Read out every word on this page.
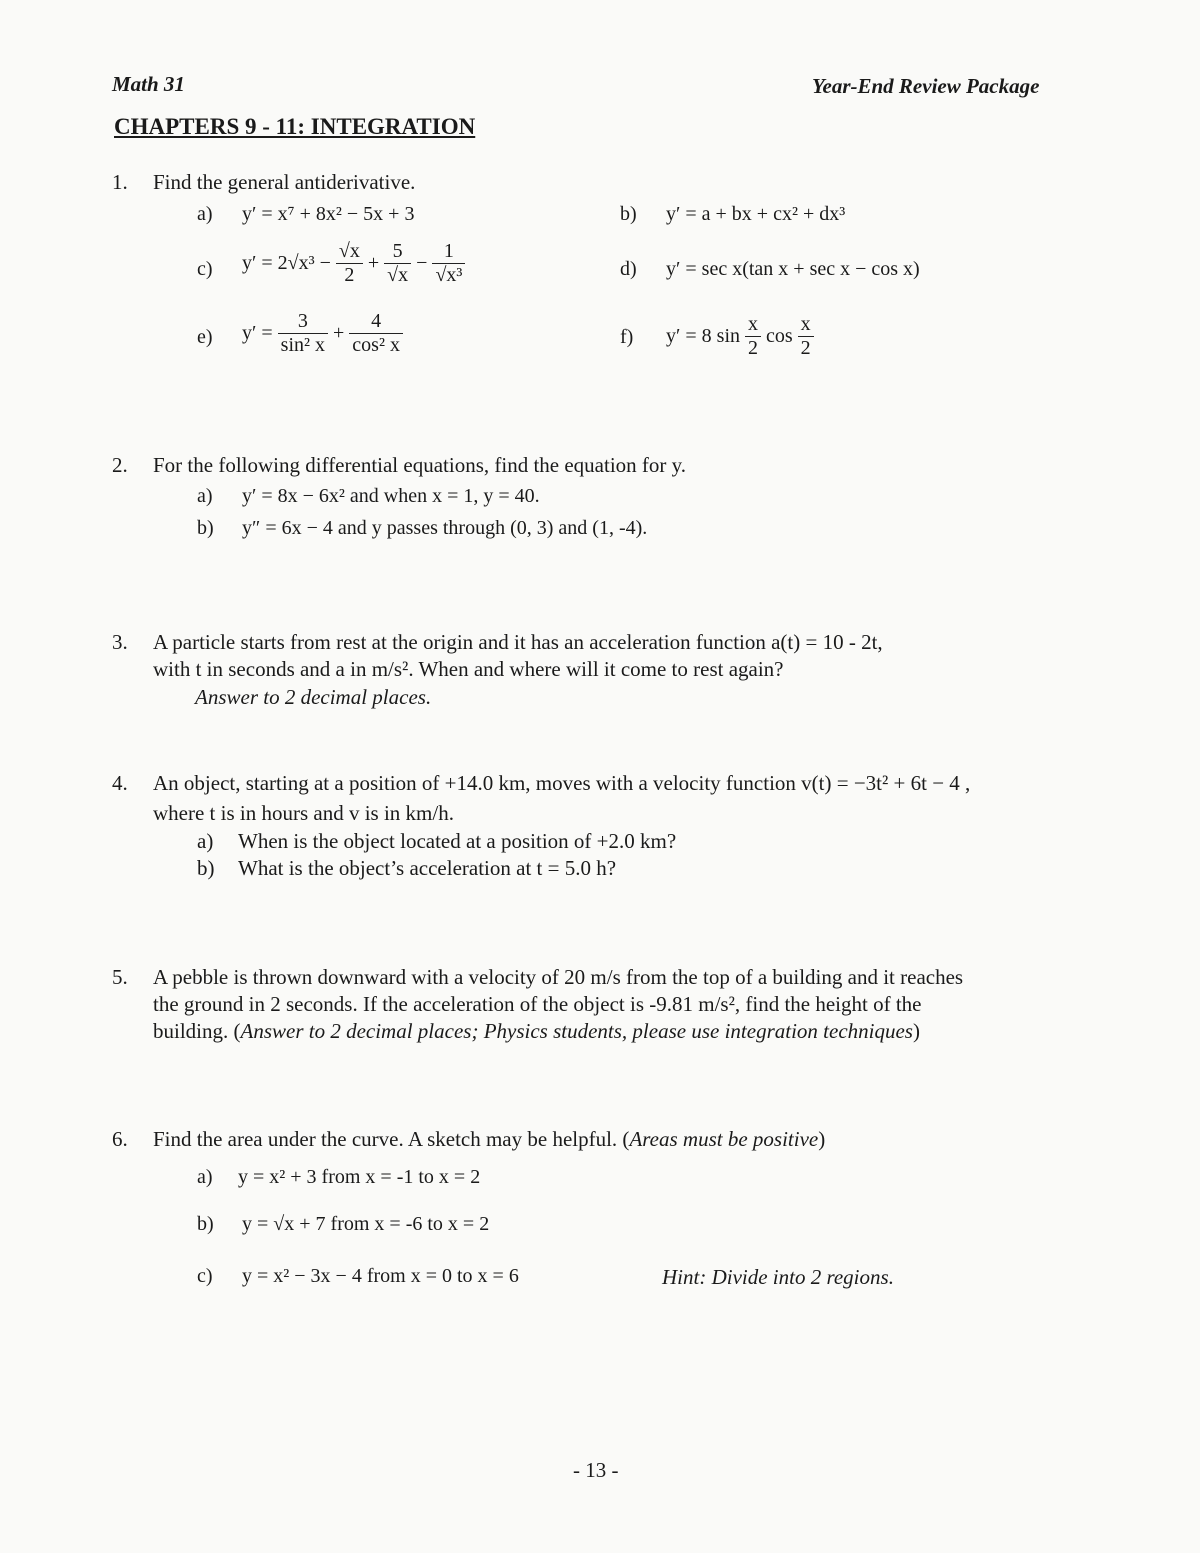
Math 31	Year-End Review Package
CHAPTERS 9 - 11: INTEGRATION
1. Find the general antiderivative.
a) y′ = x⁷ + 8x² − 5x + 3	b) y′ = a + bx + cx² + dx³
c) $y' = 2√x^3 - \frac{√x}{2} + \frac{5}{√x} - \frac{1}{\text{√x³}}$	d) y′ = sec x(tan x + sec x − cos x)
e) $y' = \frac{3}{\text{sin² x}} + \frac{4}{\text{cos² x}}$	f) y′ = 8 $\sin \frac{x}{2}$ $\cos \frac{x}{2}$
2. For the following differential equations, find the equation for y.
a) y′ = 8x − 6x² and when x = 1, y = 40.
b) y″ = 6x − 4 and y passes through (0, 3) and (1, -4).
3. A particle starts from rest at the origin and it has an acceleration function a(t) = 10 - 2t,
with t in seconds and a in m/s². When and where will it come to rest again?
Answer to 2 decimal places.
4. An object, starting at a position of +14.0 km, moves with a velocity function v(t) = −3t² + 6t − 4 ,
where t is in hours and v is in km/h.
a) When is the object located at a position of +2.0 km?
b) What is the object’s acceleration at t = 5.0 h?
5. A pebble is thrown downward with a velocity of 20 m/s from the top of a building and it reaches
the ground in 2 seconds. If the acceleration of the object is -9.81 m/s², find the height of the
building. (Answer to 2 decimal places; Physics students, please use integration techniques)
6. Find the area under the curve. A sketch may be helpful. (Areas must be positive)
a) y = x² + 3 from x = -1 to x = 2
b) y = √x + 7 from x = -6 to x = 2
c) y = x² − 3x − 4 from x = 0 to x = 6	Hint: Divide into 2 regions.
- 13 -
